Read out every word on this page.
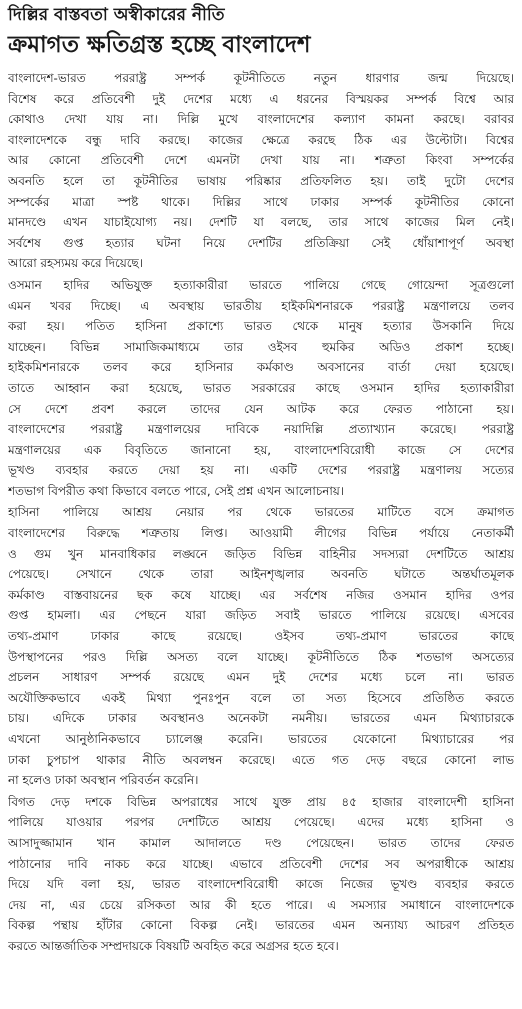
দিল্লির বাস্তবতা অস্বীকারের নীতি
ক্রমাগত ক্ষতিগ্রস্ত হচ্ছে বাংলাদেশ
বাংলাদেশ-ভারত পররাষ্ট্র সম্পর্ক কূটনীতিতে নতুন ধারণার জন্ম দিয়েছে।
বিশেষ করে প্রতিবেশী দুই দেশের মধ্যে এ ধরনের বিস্ময়কর সম্পর্ক বিশ্বে আর
কোথাও দেখা যায় না। দিল্লি মুখে বাংলাদেশের কল্যাণ কামনা করছে। বরাবর
বাংলাদেশকে বন্ধু দাবি করছে। কাজের ক্ষেত্রে করছে ঠিক এর উল্টোটা। বিশ্বের
আর কোনো প্রতিবেশী দেশে এমনটা দেখা যায় না। শত্রুতা কিংবা সম্পর্কের
অবনতি হলে তা কূটনীতির ভাষায় পরিষ্কার প্রতিফলিত হয়। তাই দুটো দেশের
সম্পর্কের মাত্রা স্পষ্ট থাকে। দিল্লির সাথে ঢাকার সম্পর্ক কূটনীতির কোনো
মানদণ্ডে এখন যাচাইযোগ্য নয়। দেশটি যা বলছে, তার সাথে কাজের মিল নেই।
সর্বশেষ গুপ্ত হত্যার ঘটনা নিয়ে দেশটির প্রতিক্রিয়া সেই ধোঁয়াশাপূর্ণ অবস্থা
আরো রহস্যময় করে দিয়েছে।
ওসমান হাদির অভিযুক্ত হত্যাকারীরা ভারতে পালিয়ে গেছে গোয়েন্দা সূত্রগুলো
এমন খবর দিচ্ছে। এ অবস্থায় ভারতীয় হাইকমিশনারকে পররাষ্ট্র মন্ত্রণালয়ে তলব
করা হয়। পতিত হাসিনা প্রকাশ্যে ভারত থেকে মানুষ হত্যার উসকানি দিয়ে
যাচ্ছেন। বিভিন্ন সামাজিকমাধ্যমে তার ওইসব হুমকির অডিও প্রকাশ হচ্ছে।
হাইকমিশনারকে তলব করে হাসিনার কর্মকাণ্ড অবসানের বার্তা দেয়া হয়েছে।
তাতে আহ্বান করা হয়েছে, ভারত সরকারের কাছে ওসমান হাদির হত্যাকারীরা
সে দেশে প্রবশ করলে তাদের যেন আটক করে ফেরত পাঠানো হয়।
বাংলাদেশের পররাষ্ট্র মন্ত্রণালয়ের দাবিকে নয়াদিল্লি প্রত্যাখ্যান করেছে। পররাষ্ট্র
মন্ত্রণালয়ের এক বিবৃতিতে জানানো হয়, বাংলাদেশবিরোধী কাজে সে দেশের
ভূখণ্ড ব্যবহার করতে দেয়া হয় না। একটি দেশের পররাষ্ট্র মন্ত্রণালয় সত্যের
শতভাগ বিপরীত কথা কিভাবে বলতে পারে, সেই প্রশ্ন এখন আলোচনায়।
হাসিনা পালিয়ে আশ্রয় নেয়ার পর থেকে ভারতের মাটিতে বসে ক্রমাগত
বাংলাদেশের বিরুদ্ধে শত্রুতায় লিপ্ত। আওয়ামী লীগের বিভিন্ন পর্যায়ে নেতাকর্মী
ও গুম খুন মানবাধিকার লঙ্ঘনে জড়িত বিভিন্ন বাহিনীর সদস্যরা দেশটিতে আশ্রয়
পেয়েছে। সেখানে থেকে তারা আইনশৃঙ্খলার অবনতি ঘটাতে অন্তর্ঘাতমূলক
কর্মকাণ্ড বাস্তবায়নের ছক কষে যাচ্ছে। এর সর্বশেষ নজির ওসমান হাদির ওপর
গুপ্ত হামলা। এর পেছনে যারা জড়িত সবাই ভারতে পালিয়ে রয়েছে। এসবের
তথ্য-প্রমাণ ঢাকার কাছে রয়েছে। ওইসব তথ্য-প্রমাণ ভারতের কাছে
উপস্থাপনের পরও দিল্লি অসত্য বলে যাচ্ছে। কূটনীতিতে ঠিক শতভাগ অসত্যের
প্রচলন সাধারণ সম্পর্ক রয়েছে এমন দুই দেশের মধ্যে চলে না। ভারত
অযৌক্তিকভাবে একই মিথ্যা পুনঃপুন বলে তা সত্য হিসেবে প্রতিষ্ঠিত করতে
চায়। এদিকে ঢাকার অবস্থানও অনেকটা নমনীয়। ভারতের এমন মিথ্যাচারকে
এখনো আনুষ্ঠানিকভাবে চ্যালেঞ্জ করেনি। ভারতের যেকোনো মিথ্যাচারের পর
ঢাকা চুপচাপ থাকার নীতি অবলম্বন করেছে। এতে গত দেড় বছরে কোনো লাভ
না হলেও ঢাকা অবস্থান পরিবর্তন করেনি।
বিগত দেড় দশকে বিভিন্ন অপরাধের সাথে যুক্ত প্রায় ৪৫ হাজার বাংলাদেশী হাসিনা
পালিয়ে যাওয়ার পরপর দেশটিতে আশ্রয় পেয়েছে। এদের মধ্যে হাসিনা ও
আসাদুজ্জামান খান কামাল আদালতে দণ্ড পেয়েছেন। ভারত তাদের ফেরত
পাঠানোর দাবি নাকচ করে যাচ্ছে। এভাবে প্রতিবেশী দেশের সব অপরাধীকে আশ্রয়
দিয়ে যদি বলা হয়, ভারত বাংলাদেশবিরোধী কাজে নিজের ভূখণ্ড ব্যবহার করতে
দেয় না, এর চেয়ে রসিকতা আর কী হতে পারে। এ সমস্যার সমাধানে বাংলাদেশকে
বিকল্প পন্থায় হাঁটার কোনো বিকল্প নেই। ভারতের এমন অন্যায্য আচরণ প্রতিহত
করতে আন্তর্জাতিক সম্প্রদায়কে বিষয়টি অবহিত করে অগ্রসর হতে হবে।
